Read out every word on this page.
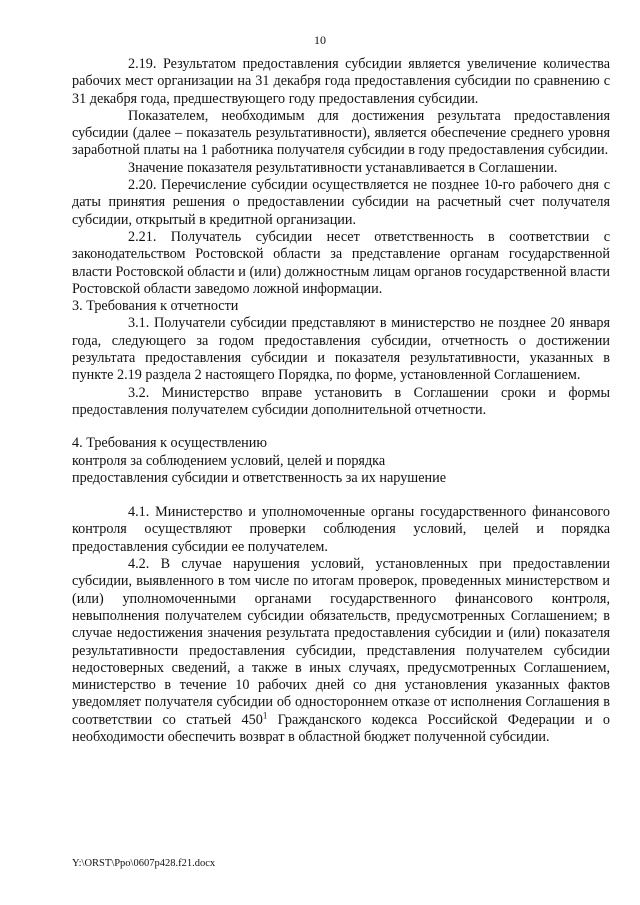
10

2.19. Результатом предоставления субсидии является увеличение количества рабочих мест организации на 31 декабря года предоставления субсидии по сравнению с 31 декабря года, предшествующего году предоставления субсидии.

Показателем, необходимым для достижения результата предоставления субсидии (далее – показатель результативности), является обеспечение среднего уровня заработной платы на 1 работника получателя субсидии в году предоставления субсидии.

Значение показателя результативности устанавливается в Соглашении.

2.20. Перечисление субсидии осуществляется не позднее 10-го рабочего дня с даты принятия решения о предоставлении субсидии на расчетный счет получателя субсидии, открытый в кредитной организации.

2.21. Получатель субсидии несет ответственность в соответствии с законодательством Ростовской области за представление органам государственной власти Ростовской области и (или) должностным лицам органов государственной власти Ростовской области заведомо ложной информации.

3. Требования к отчетности

3.1. Получатели субсидии представляют в министерство не позднее 20 января года, следующего за годом предоставления субсидии, отчетность о достижении результата предоставления субсидии и показателя результативности, указанных в пункте 2.19 раздела 2 настоящего Порядка, по форме, установленной Соглашением.

3.2. Министерство вправе установить в Соглашении сроки и формы предоставления получателем субсидии дополнительной отчетности.

4. Требования к осуществлению

контроля за соблюдением условий, целей и порядка

предоставления субсидии и ответственность за их нарушение

4.1. Министерство и уполномоченные органы государственного финансового контроля осуществляют проверки соблюдения условий, целей и порядка предоставления субсидии ее получателем.

4.2. В случае нарушения условий, установленных при предоставлении субсидии, выявленного в том числе по итогам проверок, проведенных министерством и (или) уполномоченными органами государственного финансового контроля, невыполнения получателем субсидии обязательств, предусмотренных Соглашением; в случае недостижения значения результата предоставления субсидии и (или) показателя результативности предоставления субсидии, представления получателем субсидии недостоверных сведений, а также в иных случаях, предусмотренных Соглашением, министерство в течение 10 рабочих дней со дня установления указанных фактов уведомляет получателя субсидии об одностороннем отказе от исполнения Соглашения в соответствии со статьей $450^1$ Гражданского кодекса Российской Федерации и о необходимости обеспечить возврат в областной бюджет полученной субсидии.

Y:\ORST\Ppo\0607p428.f21.docx
